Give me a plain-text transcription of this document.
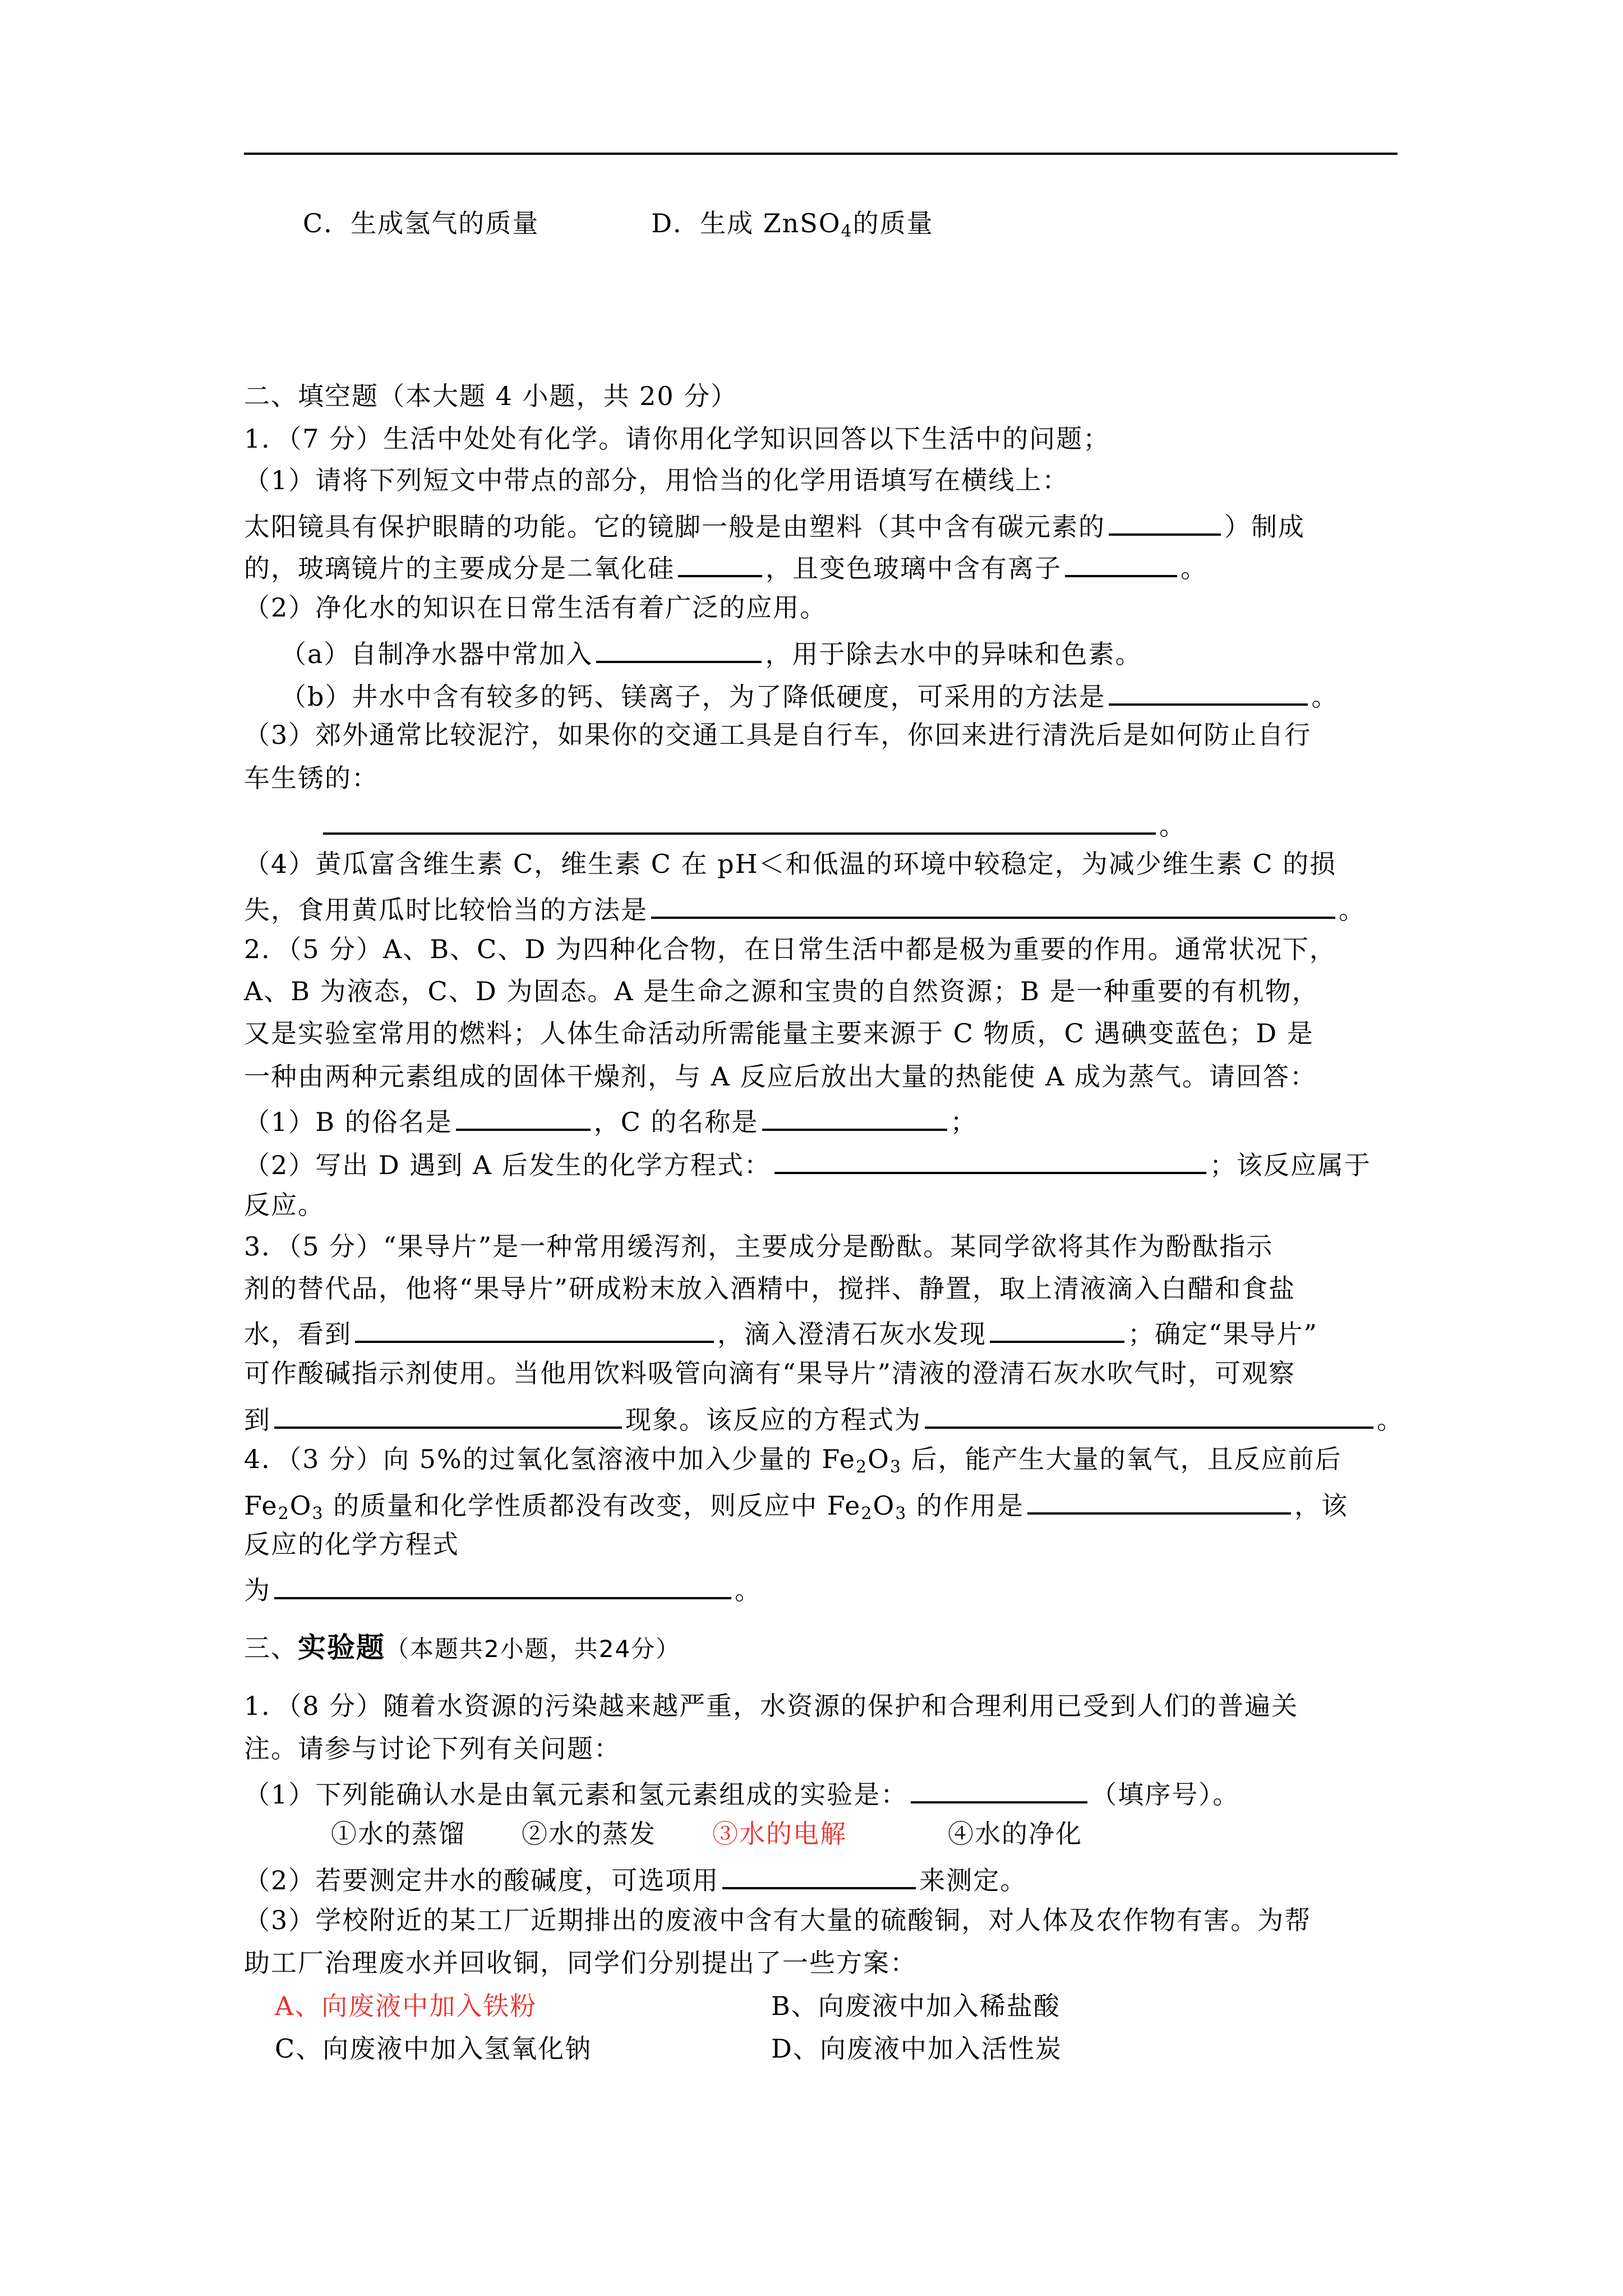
C．生成氢气的质量	D．生成 ZnSO$_4$的质量
二、填空题（本大题 4 小题，共 20 分）
1．（7 分）生活中处处有化学。请你用化学知识回答以下生活中的问题；
（1）请将下列短文中带点的部分，用恰当的化学用语填写在横线上：
太阳镜具有保护眼睛的功能。它的镜脚一般是由塑料（其中含有碳元素的	）制成
的，玻璃镜片的主要成分是二氧化硅	，且变色玻璃中含有离子	。
（2）净化水的知识在日常生活有着广泛的应用。
（a）自制净水器中常加入	，用于除去水中的异味和色素。
（b）井水中含有较多的钙、镁离子，为了降低硬度，可采用的方法是	。
（3）郊外通常比较泥泞，如果你的交通工具是自行车，你回来进行清洗后是如何防止自行
车生锈的：
。
（4）黄瓜富含维生素 C，维生素 C 在 pH＜和低温的环境中较稳定，为减少维生素 C 的损
失，食用黄瓜时比较恰当的方法是	。
2．（5 分）A、B、C、D 为四种化合物，在日常生活中都是极为重要的作用。通常状况下，
A、B 为液态，C、D 为固态。A 是生命之源和宝贵的自然资源；B 是一种重要的有机物，
又是实验室常用的燃料；人体生命活动所需能量主要来源于 C 物质，C 遇碘变蓝色；D 是
一种由两种元素组成的固体干燥剂，与 A 反应后放出大量的热能使 A 成为蒸气。请回答：
（1）B 的俗名是	，C 的名称是	；
（2）写出 D 遇到 A 后发生的化学方程式：	；该反应属于
反应。
3．（5 分）“果导片”是一种常用缓泻剂，主要成分是酚酞。某同学欲将其作为酚酞指示
剂的替代品，他将“果导片”研成粉末放入酒精中，搅拌、静置，取上清液滴入白醋和食盐
水，看到	，滴入澄清石灰水发现	；确定“果导片”
可作酸碱指示剂使用。当他用饮料吸管向滴有“果导片”清液的澄清石灰水吹气时，可观察
到	现象。该反应的方程式为	。
4．（3 分）向 5%的过氧化氢溶液中加入少量的 $Fe_2O_3$ 后，能产生大量的氧气，且反应前后
$Fe_2O_3$ 的质量和化学性质都没有改变，则反应中 $Fe_2O_3$ 的作用是	，该
反应的化学方程式
为	。
三、实验题（本题共2小题，共24分）
1．（8 分）随着水资源的污染越来越严重，水资源的保护和合理利用已受到人们的普遍关
注。请参与讨论下列有关问题：
（1）下列能确认水是由氧元素和氢元素组成的实验是：	（填序号）。
①水的蒸馏 ②水的蒸发 ③水的电解	④水的净化
（2）若要测定井水的酸碱度，可选项用	来测定。
（3）学校附近的某工厂近期排出的废液中含有大量的硫酸铜，对人体及农作物有害。为帮
助工厂治理废水并回收铜，同学们分别提出了一些方案：
A、向废液中加入铁粉	B、向废液中加入稀盐酸
C、向废液中加入氢氧化钠	D、向废液中加入活性炭
